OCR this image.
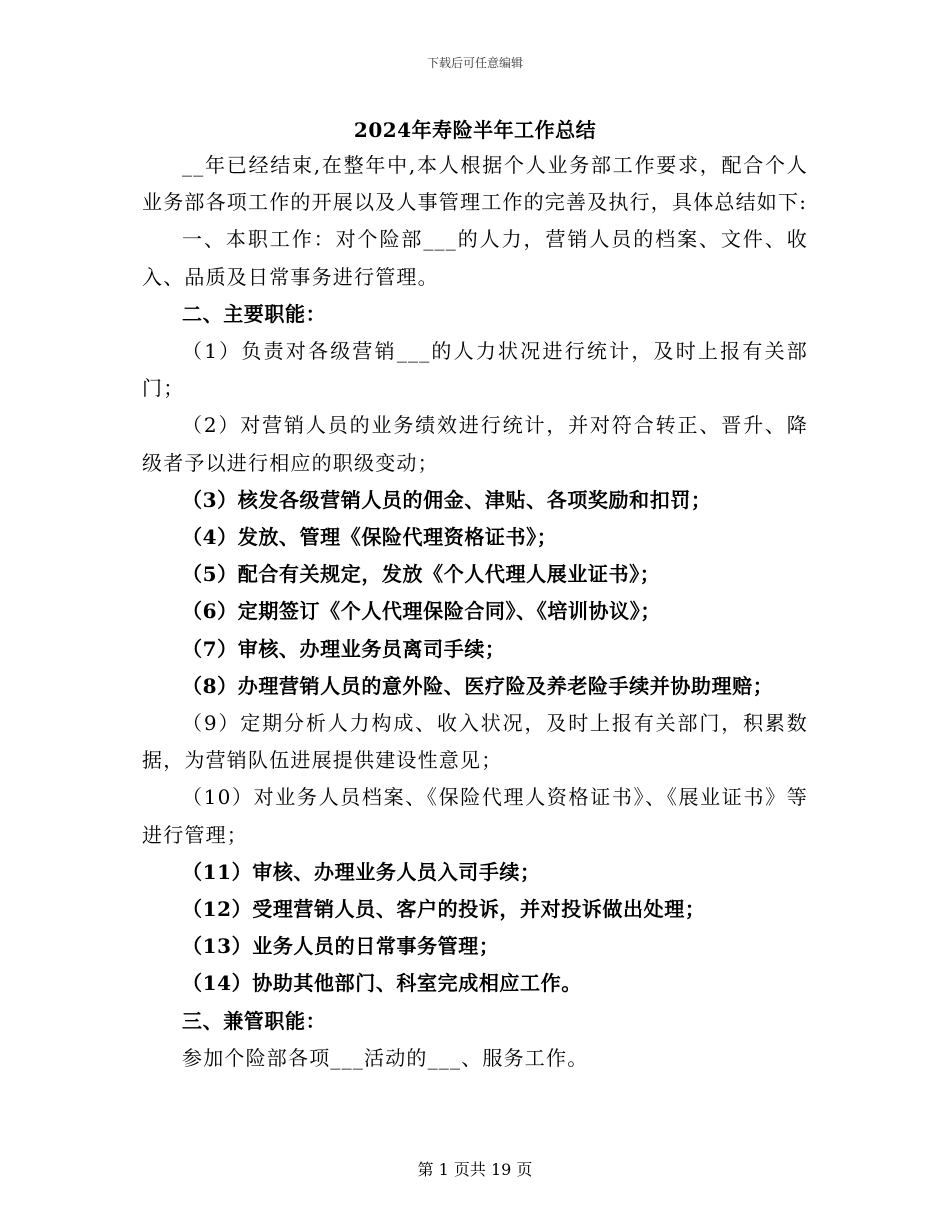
下载后可任意编辑
2024年寿险半年工作总结

__年已经结束,在整年中,本人根据个人业务部工作要求，配合个人业务部各项工作的开展以及人事管理工作的完善及执行，具体总结如下:

一、本职工作：对个险部___的人力，营销人员的档案、文件、收入、品质及日常事务进行管理。

二、主要职能：

（1）负责对各级营销___的人力状况进行统计，及时上报有关部门；

（2）对营销人员的业务绩效进行统计，并对符合转正、晋升、降级者予以进行相应的职级变动；

（3）核发各级营销人员的佣金、津贴、各项奖励和扣罚；

（4）发放、管理《保险代理资格证书》；

（5）配合有关规定，发放《个人代理人展业证书》；

（6）定期签订《个人代理保险合同》、《培训协议》；

（7）审核、办理业务员离司手续；

（8）办理营销人员的意外险、医疗险及养老险手续并协助理赔；

（9）定期分析人力构成、收入状况，及时上报有关部门，积累数据，为营销队伍进展提供建设性意见；

（10）对业务人员档案、《保险代理人资格证书》、《展业证书》等进行管理；

（11）审核、办理业务人员入司手续；

（12）受理营销人员、客户的投诉，并对投诉做出处理；

（13）业务人员的日常事务管理；

（14）协助其他部门、科室完成相应工作。

三、兼管职能：

参加个险部各项___活动的___、服务工作。

第 1 页共 19 页
